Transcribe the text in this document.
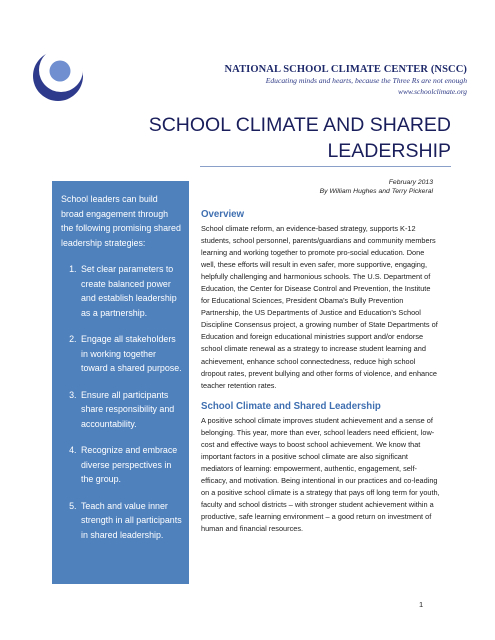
NATIONAL SCHOOL CLIMATE CENTER (NSCC)
Educating minds and hearts, because the Three Rs are not enough
www.schoolclimate.org
SCHOOL CLIMATE AND SHARED
LEADERSHIP

School leaders can build broad engagement through the following promising shared leadership strategies:

1. Set clear parameters to create balanced power and establish leadership as a partnership.
2. Engage all stakeholders in working together toward a shared purpose.
3. Ensure all participants share responsibility and accountability.
4. Recognize and embrace diverse perspectives in the group.
5. Teach and value inner strength in all participants in shared leadership.
February 2013
By William Hughes and Terry Pickeral
Overview

School climate reform, an evidence-based strategy, supports K-12 students, school personnel, parents/guardians and community members learning and working together to promote pro-social education. Done well, these efforts will result in even safer, more supportive, engaging, helpfully challenging and harmonious schools. The U.S. Department of Education, the Center for Disease Control and Prevention, the Institute for Educational Sciences, President Obama’s Bully Prevention Partnership, the US Departments of Justice and Education’s School Discipline Consensus project, a growing number of State Departments of Education and foreign educational ministries support and/or endorse school climate renewal as a strategy to increase student learning and achievement, enhance school connectedness, reduce high school dropout rates, prevent bullying and other forms of violence, and enhance teacher retention rates.

School Climate and Shared Leadership

A positive school climate improves student achievement and a sense of belonging. This year, more than ever, school leaders need efficient, low-cost and effective ways to boost school achievement. We know that important factors in a positive school climate are also significant mediators of learning: empowerment, authentic, engagement, self-efficacy, and motivation. Being intentional in our practices and co-leading on a positive school climate is a strategy that pays off long term for youth, faculty and school districts – with stronger student achievement within a productive, safe learning environment – a good return on investment of human and financial resources.

1
